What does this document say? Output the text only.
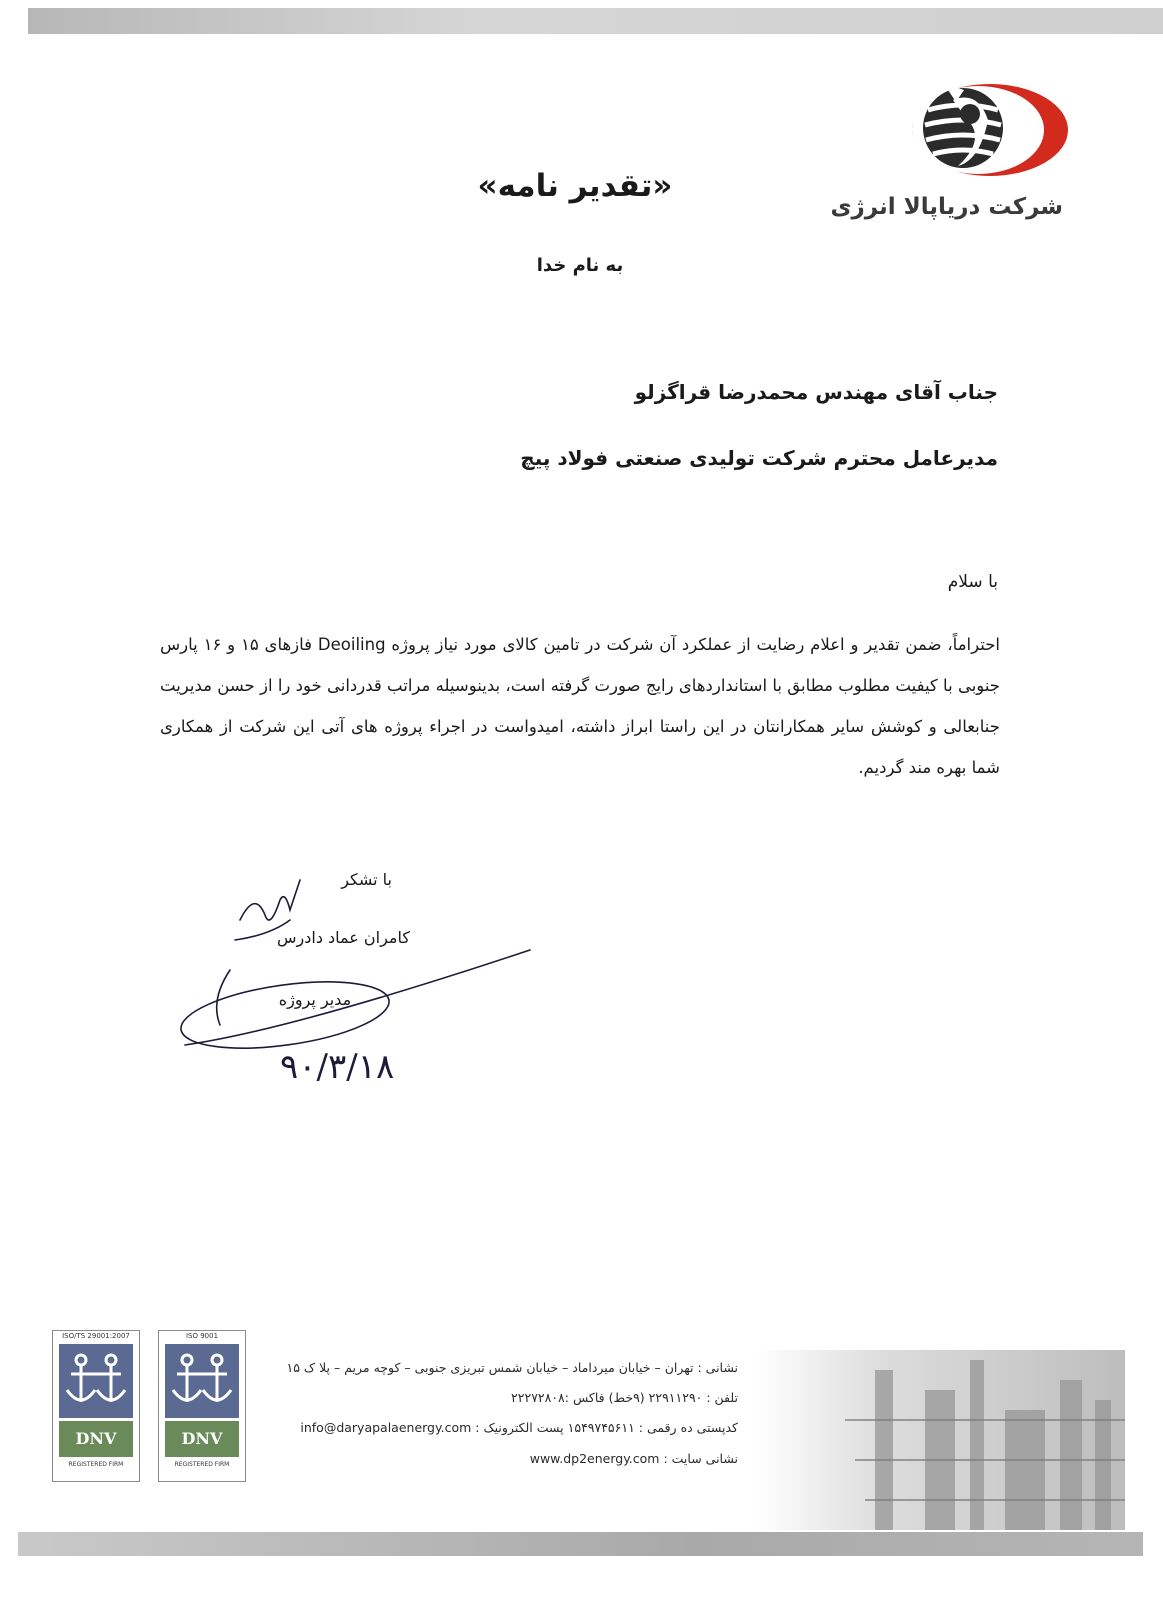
شرکت دریاپالا انرژی
«تقدیر نامه»
به نام خدا
جناب آقای مهندس محمدرضا قراگزلو
مدیرعامل محترم شرکت تولیدی صنعتی فولاد پیچ
با سلام
احتراماً، ضمن تقدیر و اعلام رضایت از عملکرد آن شرکت در تامین کالای مورد نیاز پروژه Deoiling فازهای ۱۵ و ۱۶ پارس جنوبی با کیفیت مطلوب مطابق با استانداردهای رایج صورت گرفته است، بدینوسیله مراتب قدردانی خود را از حسن مدیریت جنابعالی و کوشش سایر همکارانتان در این راستا ابراز داشته، امیدواست در اجراء پروژه های آتی این شرکت از همکاری شما بهره مند گردیم.
۹۰/۳/۱۸
با تشکر
کامران عماد دادرس
مدیر پروژه
ISO/TS 29001:2007
DNV
REGISTERED FIRM
ISO 9001
DNV
REGISTERED FIRM
نشانی : تهران – خیابان میرداماد – خیابان شمس تبریزی جنوبی – کوچه مریم – پلا ک ۱۵
تلفن : ۲۲۹۱۱۲۹۰ (۹خط) فاکس :۲۲۲۷۲۸۰۸
کدپستی ده رقمی : ۱۵۴۹۷۴۵۶۱۱ پست الکترونیک : info@daryapalaenergy.com
نشانی سایت : www.dp2energy.com
